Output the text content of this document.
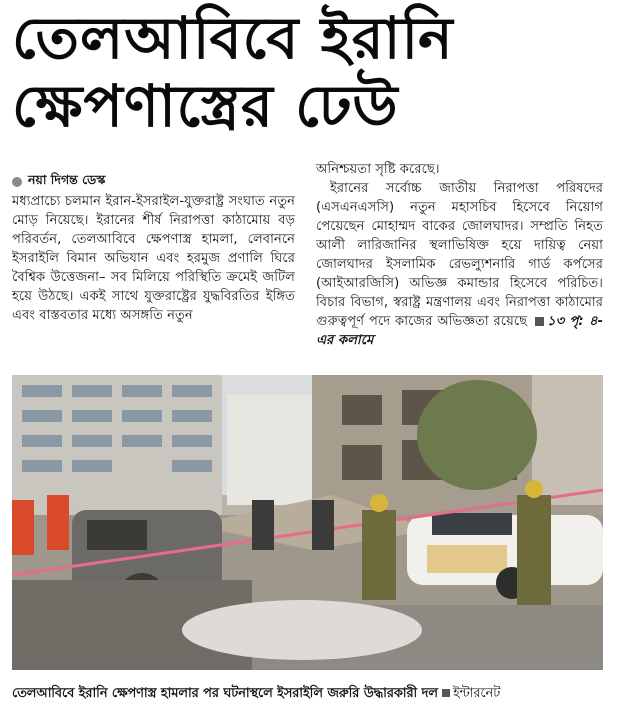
তেলআবিবে ইরানি
ক্ষেপণাস্ত্রের ঢেউ
নয়া দিগন্ত ডেস্ক
মধ্যপ্রাচ্যে চলমান ইরান-ইসরাইল-যুক্তরাষ্ট্র সংঘাত নতুন মোড় নিয়েছে। ইরানের শীর্ষ নিরাপত্তা কাঠামোয় বড় পরিবর্তন, তেলআবিবে ক্ষেপণাস্ত্র হামলা, লেবাননে ইসরাইলি বিমান অভিযান এবং হরমুজ প্রণালি ঘিরে বৈশ্বিক উত্তেজনা– সব মিলিয়ে পরিস্থিতি ক্রমেই জটিল হয়ে উঠছে। একই সাথে যুক্তরাষ্ট্রের যুদ্ধবিরতির ইঙ্গিত এবং বাস্তবতার মধ্যে অসঙ্গতি নতুন

অনিশ্চয়তা সৃষ্টি করেছে।

ইরানের সর্বোচ্চ জাতীয় নিরাপত্তা পরিষদের (এসএনএসসি) নতুন মহাসচিব হিসেবে নিয়োগ পেয়েছেন মোহাম্মদ বাকের জোলঘাদর। সম্প্রতি নিহত আলী লারিজানির স্থলাভিষিক্ত হয়ে দায়িত্ব নেয়া জোলঘাদর ইসলামিক রেভল্যুশনারি গার্ড কর্পসের (আইআরজিসি) অভিজ্ঞ কমান্ডার হিসেবে পরিচিত। বিচার বিভাগ, স্বরাষ্ট্র মন্ত্রণালয় এবং নিরাপত্তা কাঠামোর গুরুত্বপূর্ণ পদে কাজের অভিজ্ঞতা রয়েছে ১৩ পৃ: ৪-এর কলামে

তেলআবিবে ইরানি ক্ষেপণাস্ত্র হামলার পর ঘটনাস্থলে ইসরাইলি জরুরি উদ্ধারকারী দল ইন্টারনেট
